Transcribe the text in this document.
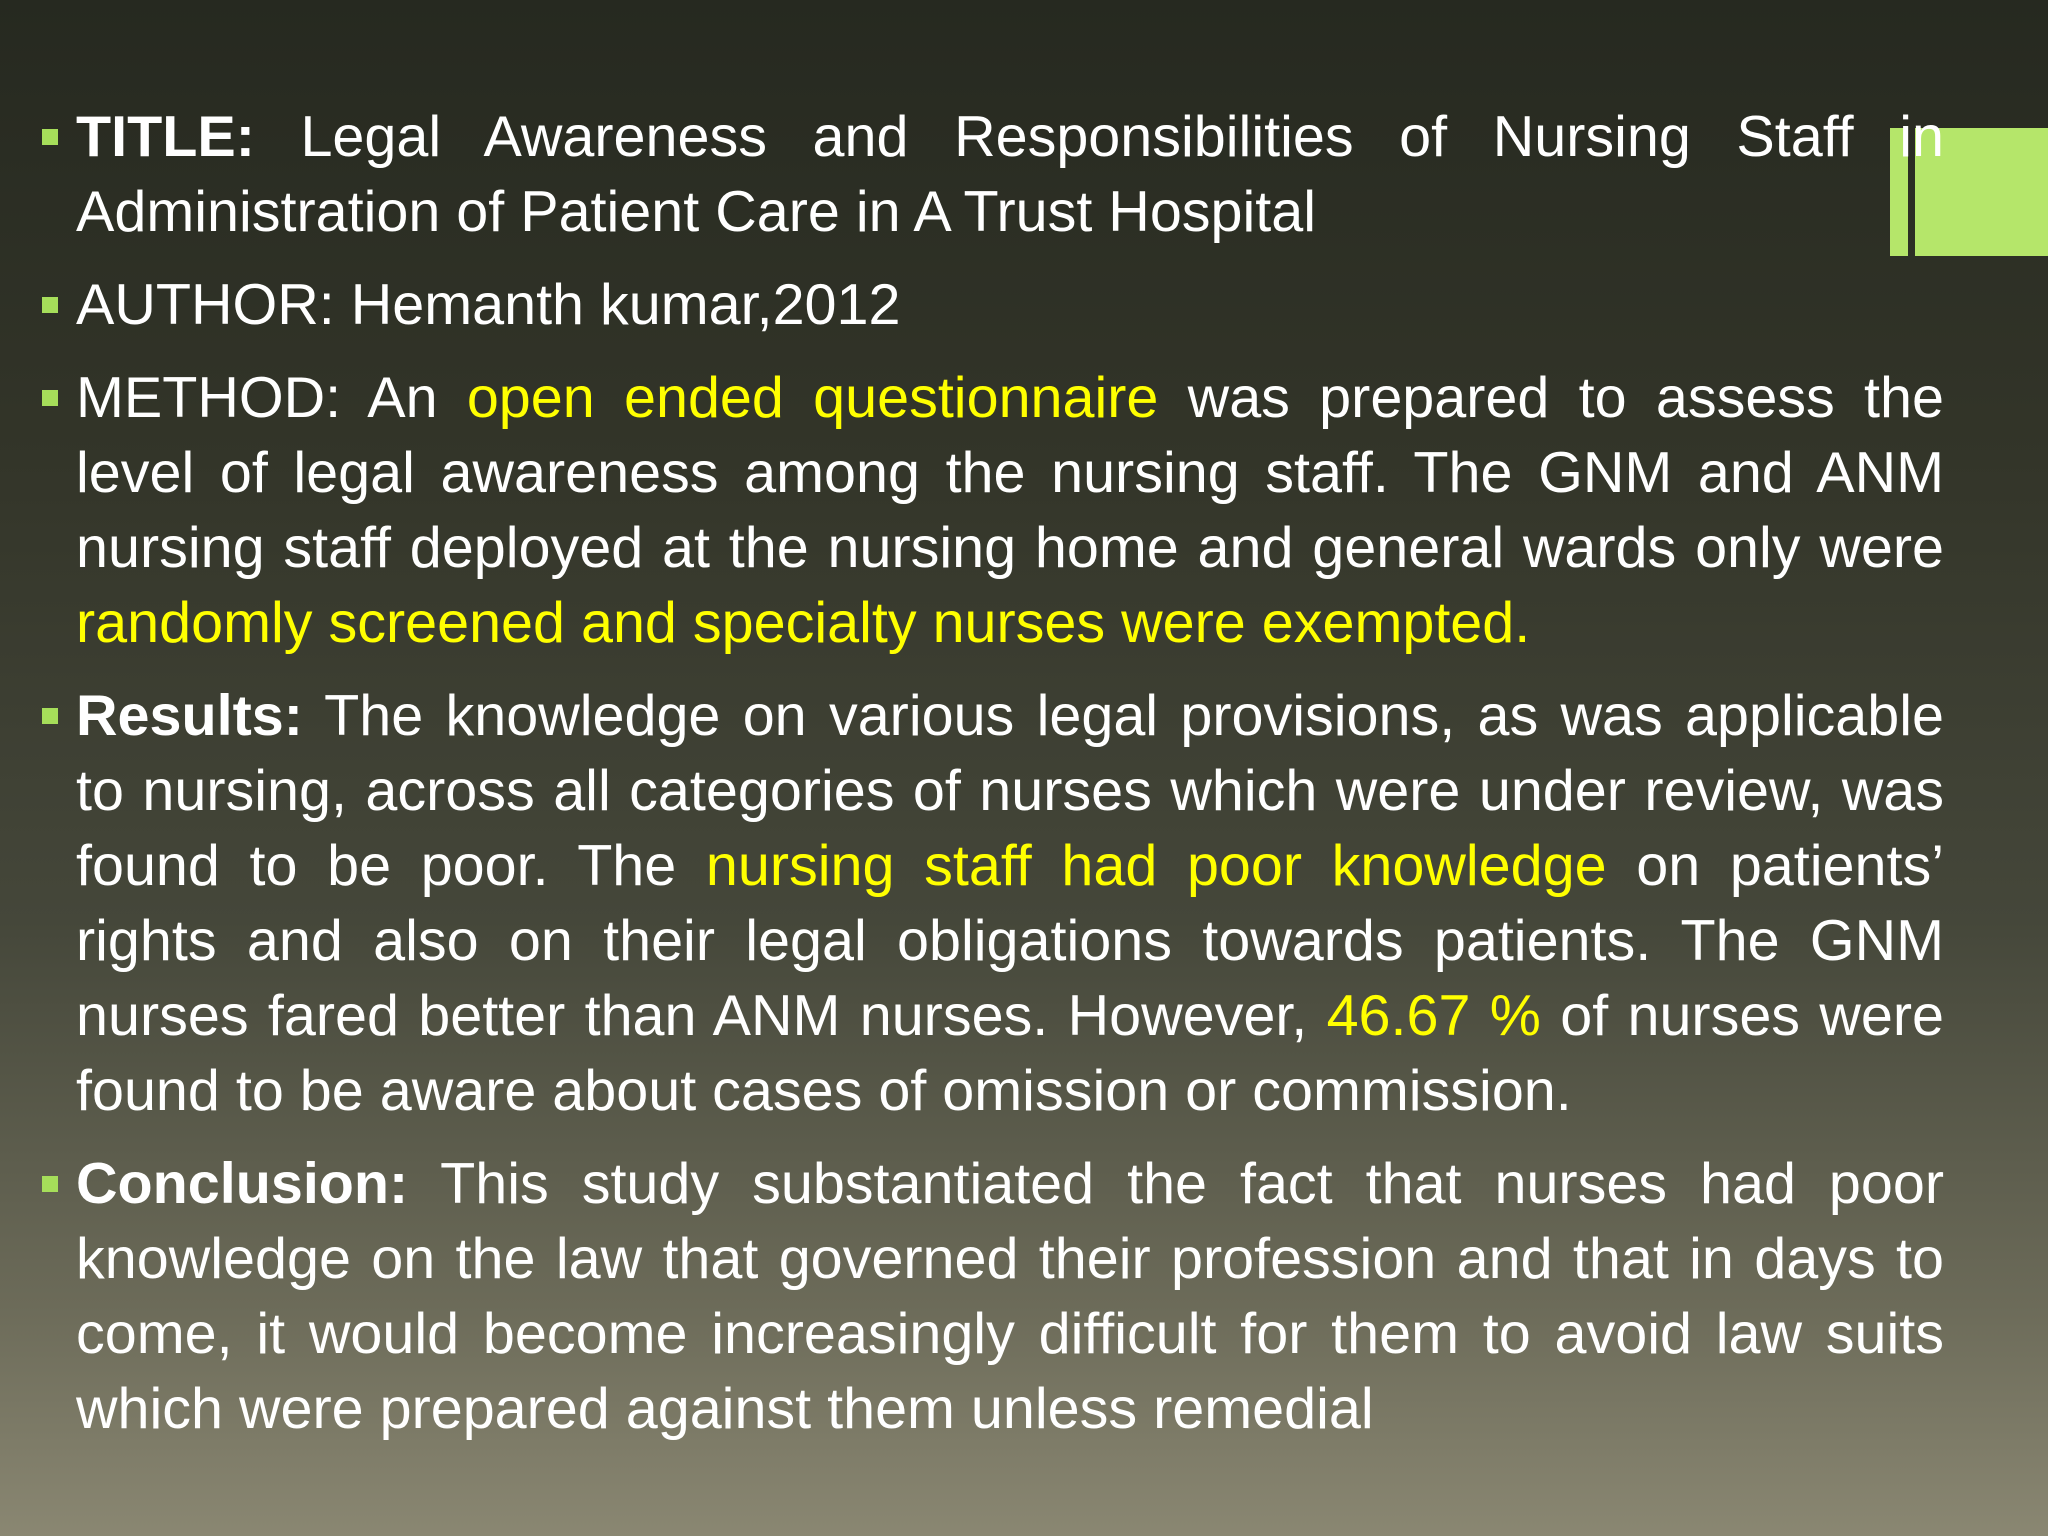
TITLE: Legal Awareness and Responsibilities of Nursing Staff in Administration of Patient Care in A Trust Hospital
AUTHOR: Hemanth kumar,2012
METHOD: An open ended questionnaire was prepared to assess the level of legal awareness among the nursing staff. The GNM and ANM nursing staff deployed at the nursing home and general wards only were randomly screened and specialty nurses were exempted.
Results: The knowledge on various legal provisions, as was applicable to nursing, across all categories of nurses which were under review, was found to be poor. The nursing staff had poor knowledge on patients’ rights and also on their legal obligations towards patients. The GNM nurses fared better than ANM nurses. However, 46.67 % of nurses were found to be aware about cases of omission or commission.
Conclusion: This study substantiated the fact that nurses had poor knowledge on the law that governed their profession and that in days to come, it would become increasingly difficult for them to avoid law suits which were prepared against them unless remedial
